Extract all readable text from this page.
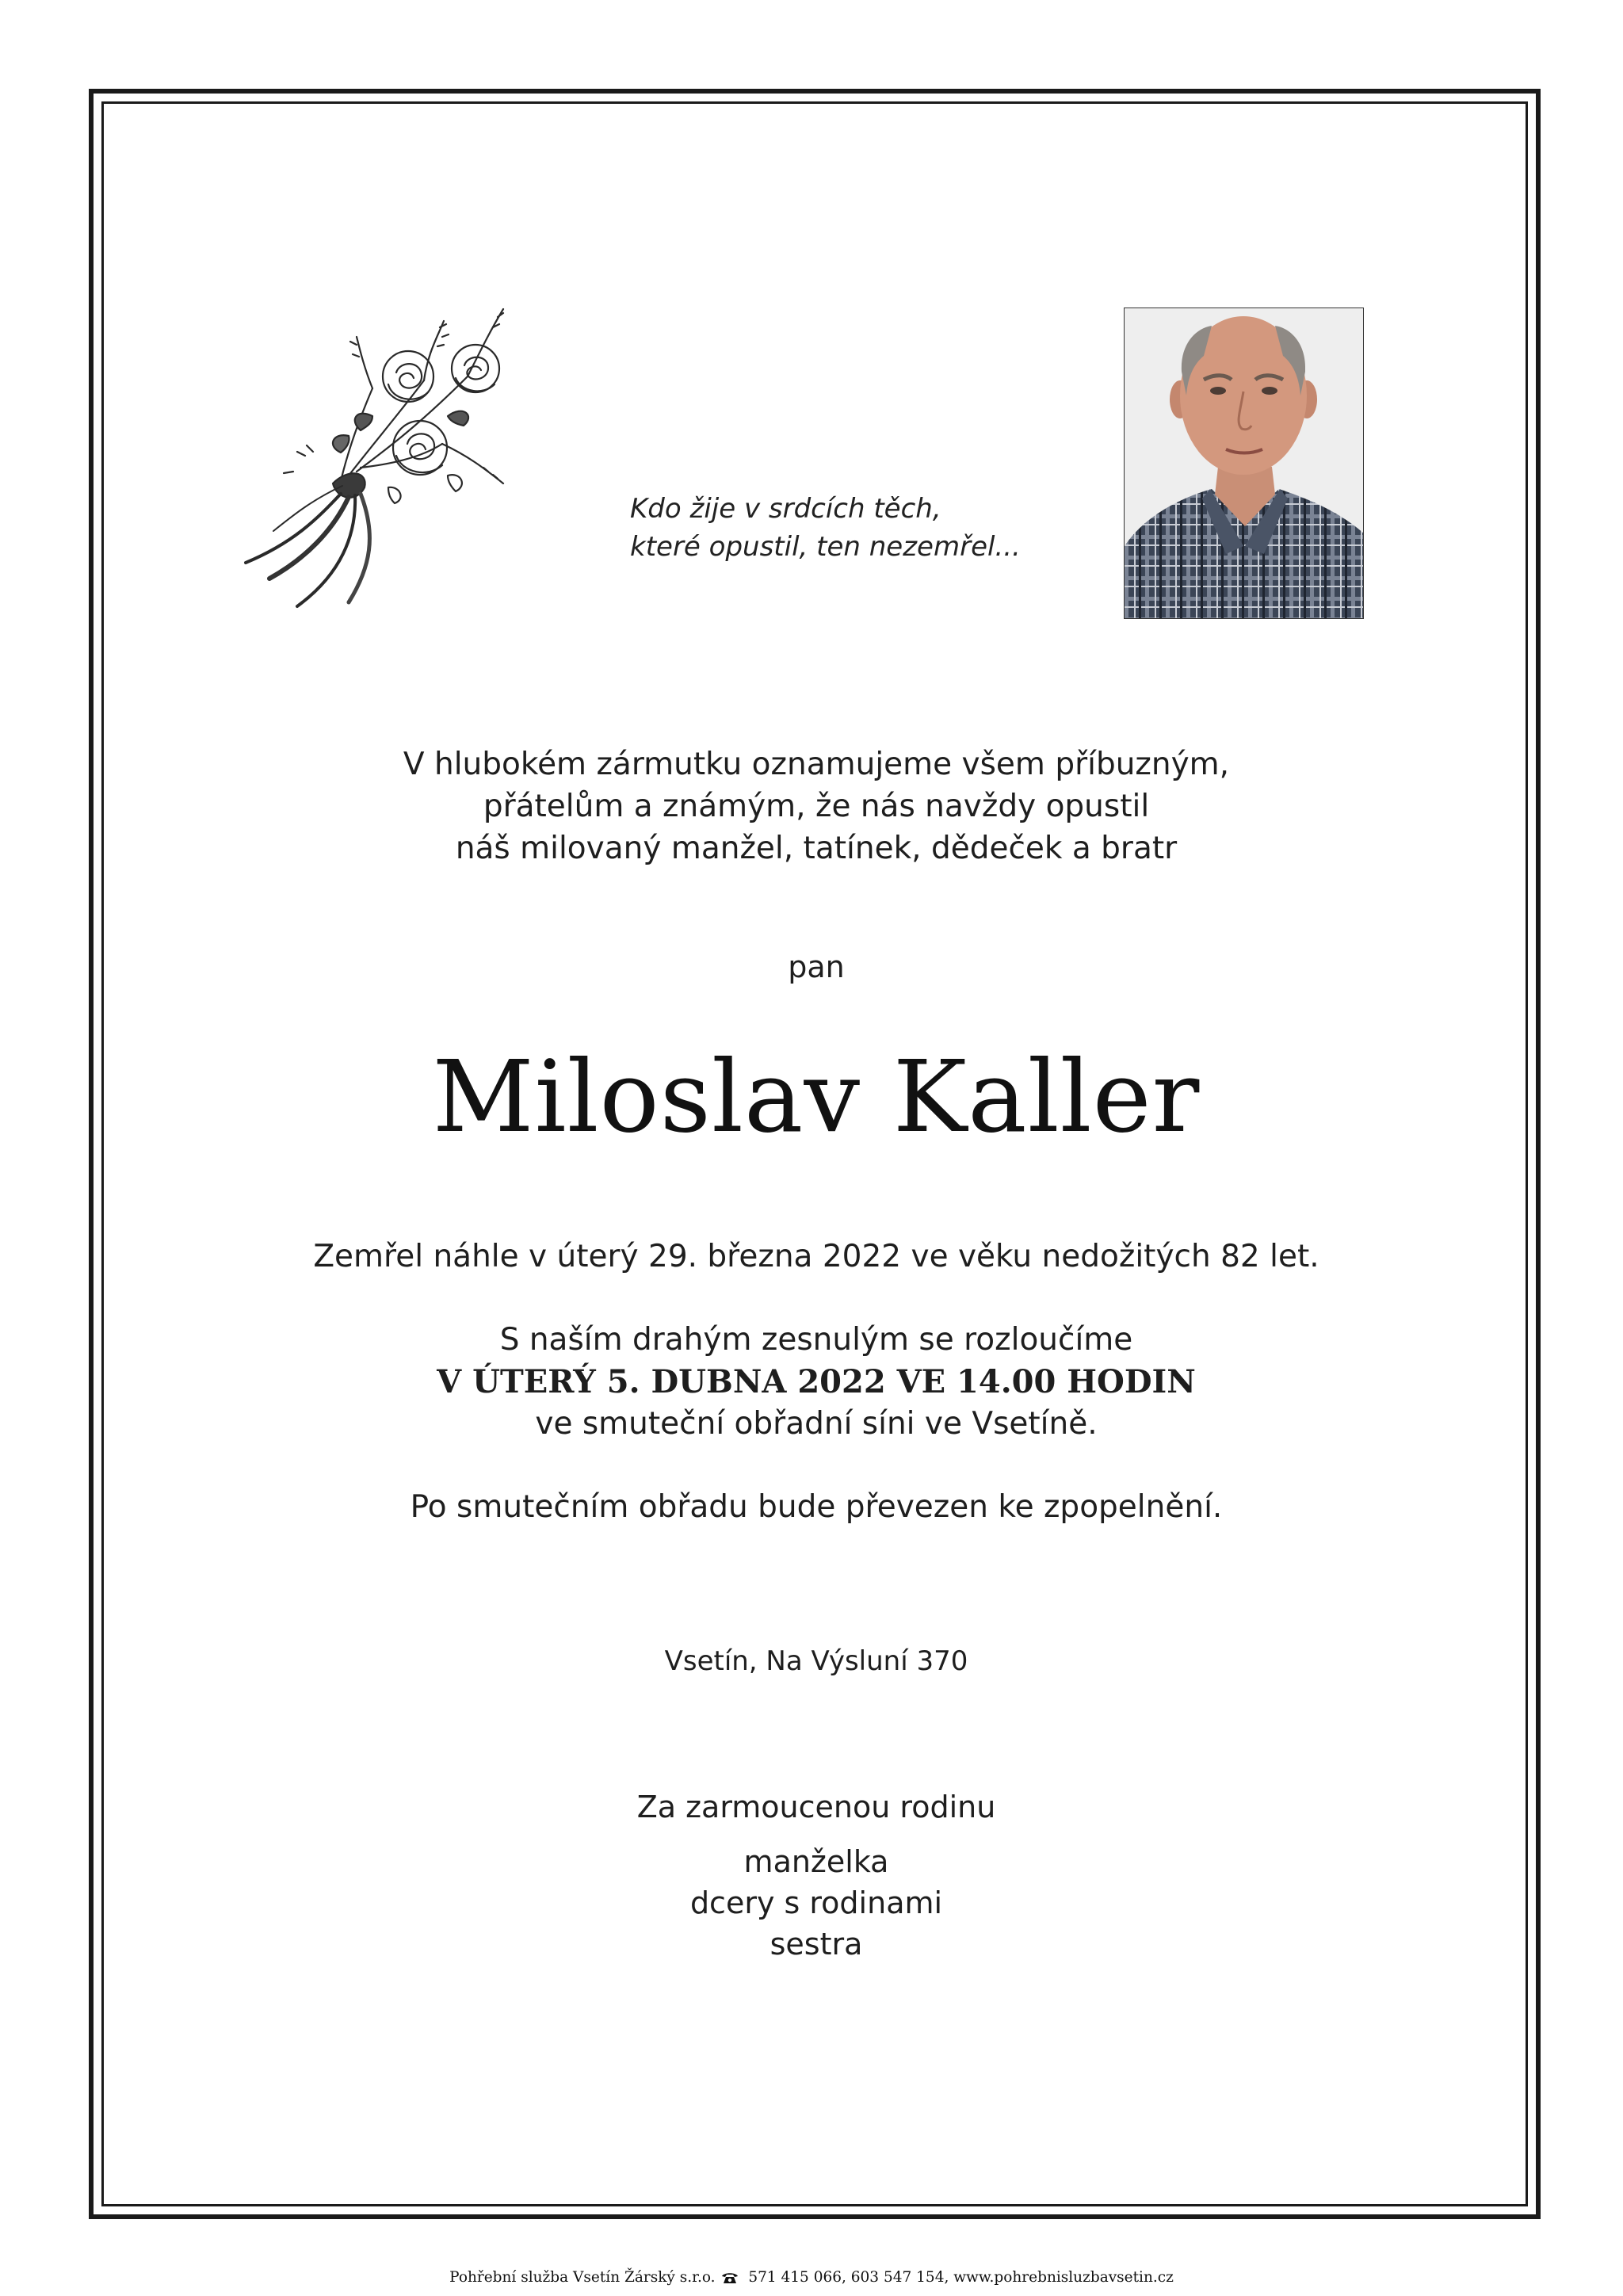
Kdo žije v srdcích těch,
které opustil, ten nezemřel...
V hlubokém zármutku oznamujeme všem příbuzným,
přátelům a známým, že nás navždy opustil
náš milovaný manžel, tatínek, dědeček a bratr
pan
Miloslav Kaller
Zemřel náhle v úterý 29. března 2022 ve věku nedožitých 82 let.
S naším drahým zesnulým se rozloučíme
V ÚTERÝ 5. DUBNA 2022 VE 14.00 HODIN
ve smuteční obřadní síni ve Vsetíně.
Po smutečním obřadu bude převezen ke zpopelnění.
Vsetín, Na Výsluní 370
Za zarmoucenou rodinu
manželka
dcery s rodinami
sestra
Pohřební služba Vsetín Žárský s.r.o. 571 415 066, 603 547 154, www.pohrebnisluzbavsetin.cz
